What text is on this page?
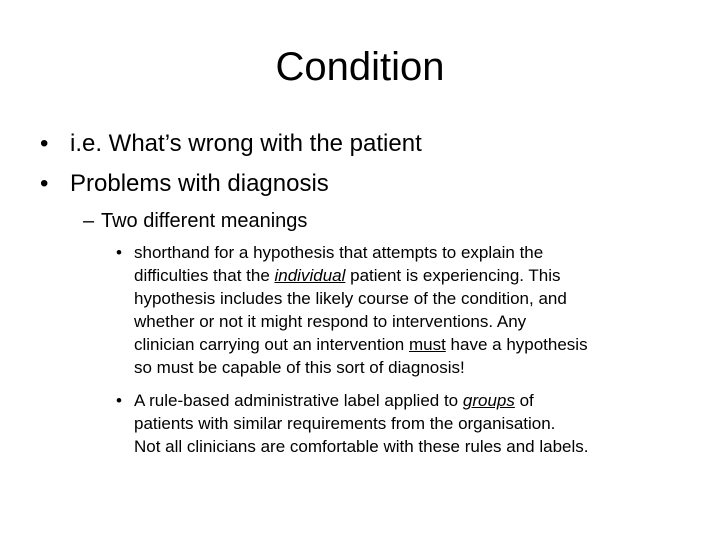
Condition
• i.e. What’s wrong with the patient
• Problems with diagnosis
– Two different meanings
• shorthand for a hypothesis that attempts to explain the
difficulties that the individual patient is experiencing. This
hypothesis includes the likely course of the condition, and
whether or not it might respond to interventions. Any
clinician carrying out an intervention must have a hypothesis
so must be capable of this sort of diagnosis!
• A rule-based administrative label applied to groups of
patients with similar requirements from the organisation.
Not all clinicians are comfortable with these rules and labels.
